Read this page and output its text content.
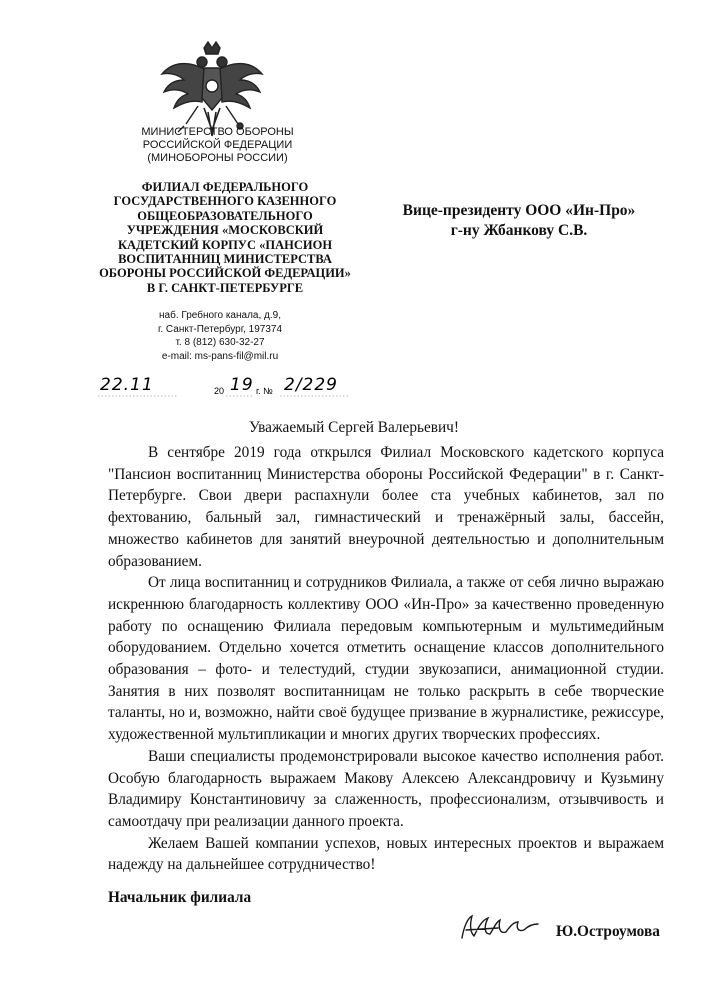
МИНИСТЕРСТВО ОБОРОНЫ
РОССИЙСКОЙ ФЕДЕРАЦИИ
(МИНОБОРОНЫ РОССИИ)
ФИЛИАЛ ФЕДЕРАЛЬНОГО
ГОСУДАРСТВЕННОГО КАЗЕННОГО
ОБЩЕОБРАЗОВАТЕЛЬНОГО
УЧРЕЖДЕНИЯ «МОСКОВСКИЙ
КАДЕТСКИЙ КОРПУС «ПАНСИОН
ВОСПИТАННИЦ МИНИСТЕРСТВА
ОБОРОНЫ РОССИЙСКОЙ ФЕДЕРАЦИИ»
В Г. САНКТ-ПЕТЕРБУРГЕ
наб. Гребного канала, д.9,
г. Санкт-Петербург, 197374
т. 8 (812) 630-32-27
e-mail: ms-pans-fil@mil.ru
Вице-президенту ООО «Ин-Про»
г-ну Жбанкову С.В.
22.11	20 19 г. № 2/229
Уважаемый Сергей Валерьевич!

В сентябре 2019 года открылся Филиал Московского кадетского корпуса "Пансион воспитанниц Министерства обороны Российской Федерации" в г. Санкт-Петербурге. Свои двери распахнули более ста учебных кабинетов, зал по фехтованию, бальный зал, гимнастический и тренажёрный залы, бассейн, множество кабинетов для занятий внеурочной деятельностью и дополнительным образованием.

От лица воспитанниц и сотрудников Филиала, а также от себя лично выражаю искреннюю благодарность коллективу ООО «Ин-Про» за качественно проведенную работу по оснащению Филиала передовым компьютерным и мультимедийным оборудованием. Отдельно хочется отметить оснащение классов дополнительного образования – фото- и телестудий, студии звукозаписи, анимационной студии. Занятия в них позволят воспитанницам не только раскрыть в себе творческие таланты, но и, возможно, найти своё будущее призвание в журналистике, режиссуре, художественной мультипликации и многих других творческих профессиях.

Ваши специалисты продемонстрировали высокое качество исполнения работ. Особую благодарность выражаем Макову Алексею Александровичу и Кузьмину Владимиру Константиновичу за слаженность, профессионализм, отзывчивость и самоотдачу при реализации данного проекта.

Желаем Вашей компании успехов, новых интересных проектов и выражаем надежду на дальнейшее сотрудничество!

Начальник филиала
Ю.Остроумова
